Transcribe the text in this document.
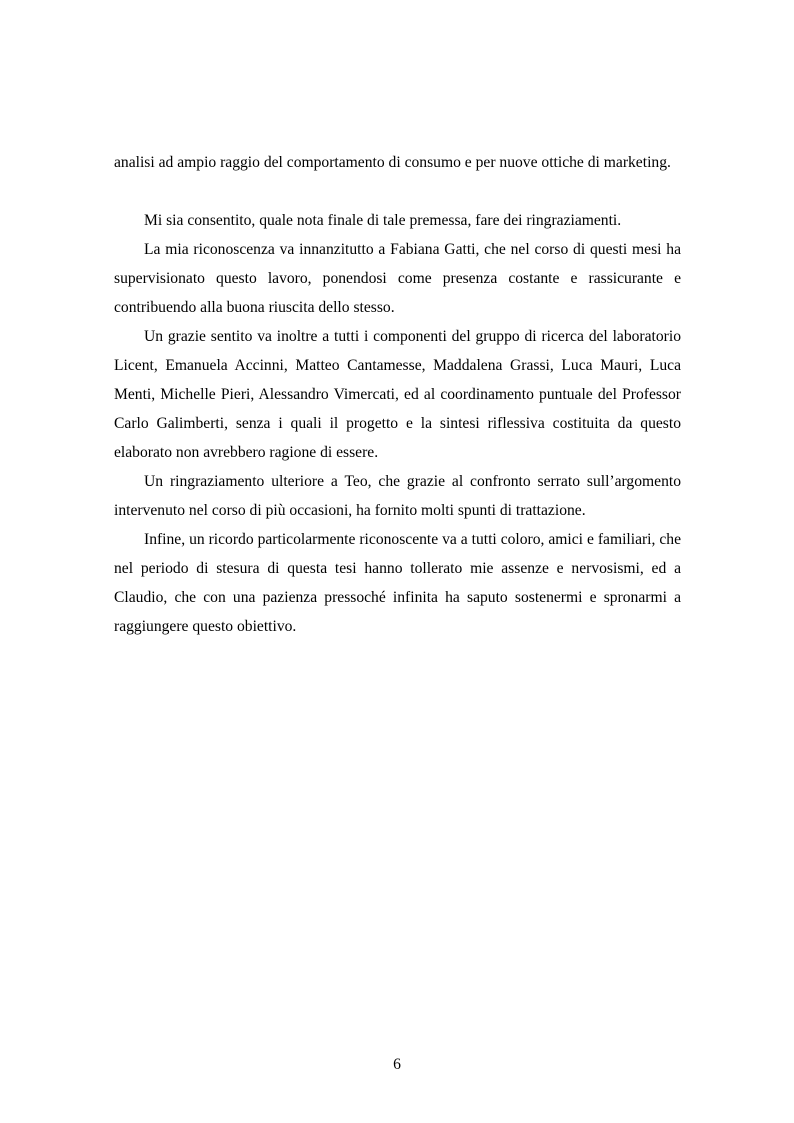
analisi ad ampio raggio del comportamento di consumo e per nuove ottiche di marketing.

Mi sia consentito, quale nota finale di tale premessa, fare dei ringraziamenti.

La mia riconoscenza va innanzitutto a Fabiana Gatti, che nel corso di questi mesi ha supervisionato questo lavoro, ponendosi come presenza costante e rassicurante e contribuendo alla buona riuscita dello stesso.

Un grazie sentito va inoltre a tutti i componenti del gruppo di ricerca del laboratorio Licent, Emanuela Accinni, Matteo Cantamesse, Maddalena Grassi, Luca Mauri, Luca Menti, Michelle Pieri, Alessandro Vimercati, ed al coordinamento puntuale del Professor Carlo Galimberti, senza i quali il progetto e la sintesi riflessiva costituita da questo elaborato non avrebbero ragione di essere.

Un ringraziamento ulteriore a Teo, che grazie al confronto serrato sull’argomento intervenuto nel corso di più occasioni, ha fornito molti spunti di trattazione.

Infine, un ricordo particolarmente riconoscente va a tutti coloro, amici e familiari, che nel periodo di stesura di questa tesi hanno tollerato mie assenze e nervosismi, ed a Claudio, che con una pazienza pressoché infinita ha saputo sostenermi e spronarmi a raggiungere questo obiettivo.

6
